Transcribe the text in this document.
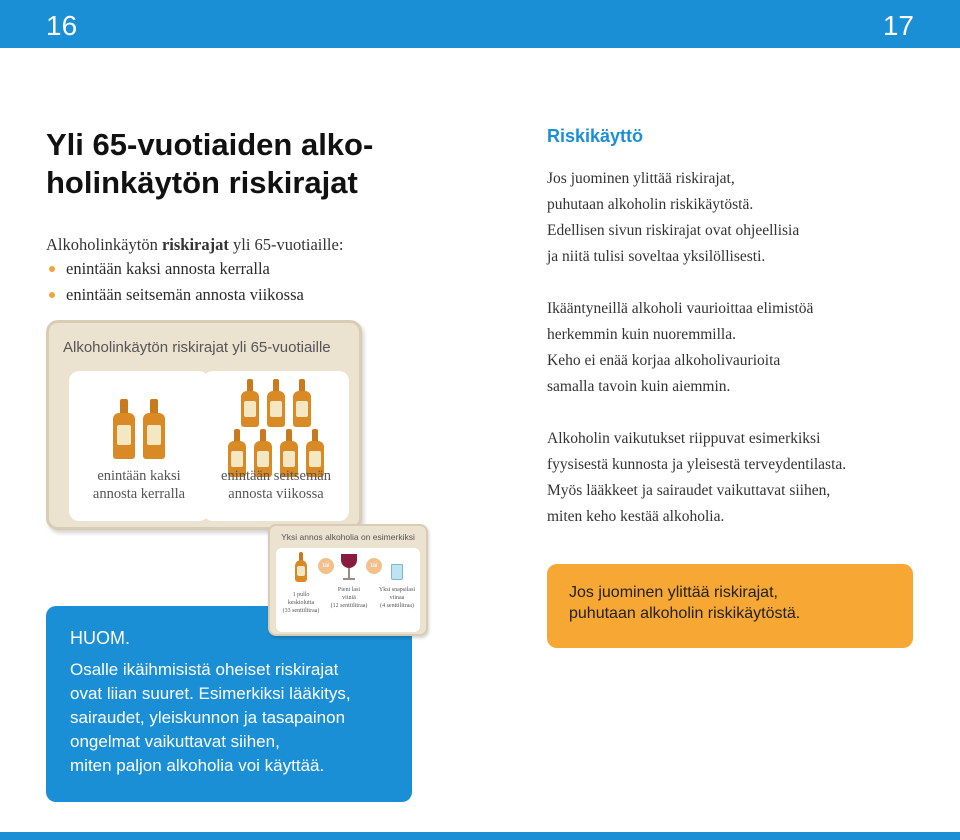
16	17
Yli 65-vuotiaiden alko-
holinkäytön riskirajat

Alkoholinkäytön riskirajat yli 65-vuotiaille:

enintään kaksi annosta kerralla
enintään seitsemän annosta viikossa
Alkoholinkäytön riskirajat yli 65-vuotiaille

enintään kaksi
annosta kerralla

enintään seitsemän
annosta viikossa
HUOM.
Osalle ikäihmisistä oheiset riskirajat
ovat liian suuret. Esimerkiksi lääkitys,
sairaudet, yleiskunnon ja tasapainon
ongelmat vaikuttavat siihen,
miten paljon alkoholia voi käyttää.
Yksi annos alkoholia on esimerkiksi
1 pullo
keskiolutta
(33 senttilitraa)
tai
Pieni lasi
viiniä
(12 senttilitraa)
tai
Yksi snapsilasi
viinaa
(4 senttilitraa)
Riskikäyttö

Jos juominen ylittää riskirajat,
puhutaan alkoholin riskikäytöstä.
Edellisen sivun riskirajat ovat ohjeellisia
ja niitä tulisi soveltaa yksilöllisesti.

Ikääntyneillä alkoholi vaurioittaa elimistöä
herkemmin kuin nuoremmilla.
Keho ei enää korjaa alkoholivaurioita
samalla tavoin kuin aiemmin.

Alkoholin vaikutukset riippuvat esimerkiksi
fyysisestä kunnosta ja yleisestä terveydentilasta.
Myös lääkkeet ja sairaudet vaikuttavat siihen,
miten keho kestää alkoholia.

Jos juominen ylittää riskirajat,
puhutaan alkoholin riskikäytöstä.
